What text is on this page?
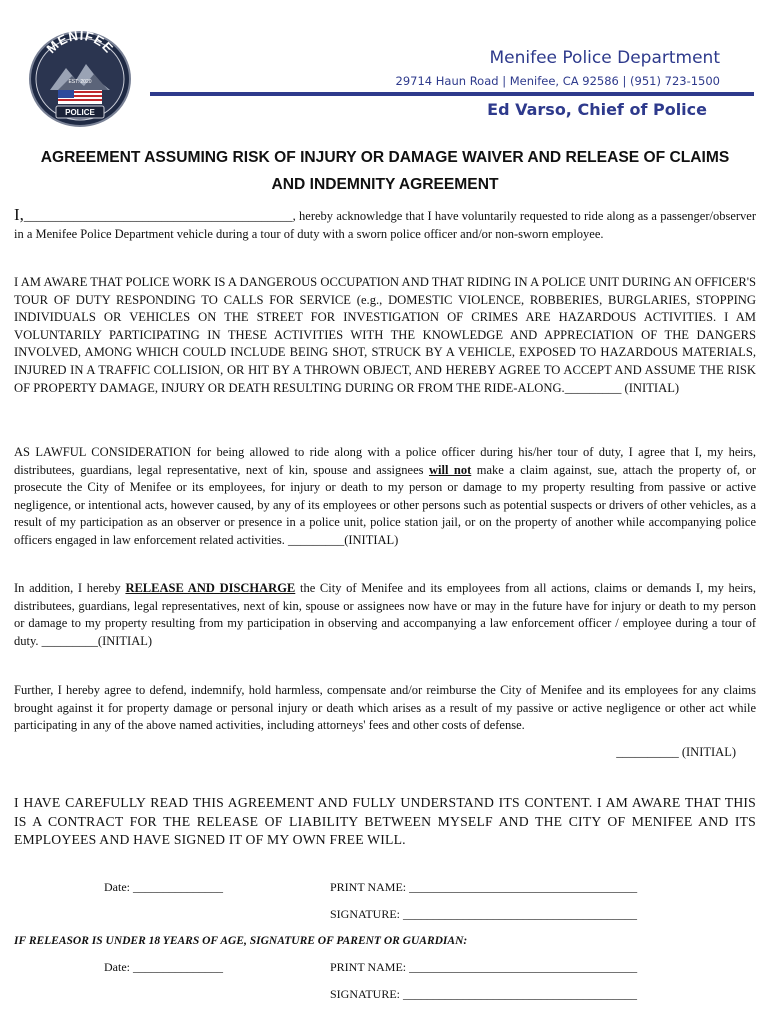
MENIFEE
EST. 2020
POLICE
Menifee Police Department
29714 Haun Road | Menifee, CA 92586 | (951) 723-1500
Ed Varso, Chief of Police
AGREEMENT ASSUMING RISK OF INJURY OR DAMAGE WAIVER AND RELEASE OF CLAIMS
AND INDEMNITY AGREEMENT

I,___________________________________________, hereby acknowledge that I have voluntarily requested to ride along as a passenger/observer in a Menifee Police Department vehicle during a tour of duty with a sworn police officer and/or non-sworn employee.

I AM AWARE THAT POLICE WORK IS A DANGEROUS OCCUPATION AND THAT RIDING IN A POLICE UNIT DURING AN OFFICER'S TOUR OF DUTY RESPONDING TO CALLS FOR SERVICE (e.g., DOMESTIC VIOLENCE, ROBBERIES, BURGLARIES, STOPPING INDIVIDUALS OR VEHICLES ON THE STREET FOR INVESTIGATION OF CRIMES ARE HAZARDOUS ACTIVITIES. I AM VOLUNTARILY PARTICIPATING IN THESE ACTIVITIES WITH THE KNOWLEDGE AND APPRECIATION OF THE DANGERS INVOLVED, AMONG WHICH COULD INCLUDE BEING SHOT, STRUCK BY A VEHICLE, EXPOSED TO HAZARDOUS MATERIALS, INJURED IN A TRAFFIC COLLISION, OR HIT BY A THROWN OBJECT, AND HEREBY AGREE TO ACCEPT AND ASSUME THE RISK OF PROPERTY DAMAGE, INJURY OR DEATH RESULTING DURING OR FROM THE RIDE-ALONG._________ (INITIAL)

AS LAWFUL CONSIDERATION for being allowed to ride along with a police officer during his/her tour of duty, I agree that I, my heirs, distributees, guardians, legal representative, next of kin, spouse and assignees will not make a claim against, sue, attach the property of, or prosecute the City of Menifee or its employees, for injury or death to my person or damage to my property resulting from passive or active negligence, or intentional acts, however caused, by any of its employees or other persons such as potential suspects or drivers of other vehicles, as a result of my participation as an observer or presence in a police unit, police station jail, or on the property of another while accompanying police officers engaged in law enforcement related activities. _________(INITIAL)

In addition, I hereby RELEASE AND DISCHARGE the City of Menifee and its employees from all actions, claims or demands I, my heirs, distributees, guardians, legal representatives, next of kin, spouse or assignees now have or may in the future have for injury or death to my person or damage to my property resulting from my participation in observing and accompanying a law enforcement officer / employee during a tour of duty. _________(INITIAL)

Further, I hereby agree to defend, indemnify, hold harmless, compensate and/or reimburse the City of Menifee and its employees for any claims brought against it for property damage or personal injury or death which arises as a result of my passive or active negligence or other act while participating in any of the above named activities, including attorneys' fees and other costs of defense.

__________ (INITIAL)

I HAVE CAREFULLY READ THIS AGREEMENT AND FULLY UNDERSTAND ITS CONTENT. I AM AWARE THAT THIS IS A CONTRACT FOR THE RELEASE OF LIABILITY BETWEEN MYSELF AND THE CITY OF MENIFEE AND ITS EMPLOYEES AND HAVE SIGNED IT OF MY OWN FREE WILL.

Date: _______________	PRINT NAME: ______________________________________
SIGNATURE: _______________________________________
IF RELEASOR IS UNDER 18 YEARS OF AGE, SIGNATURE OF PARENT OR GUARDIAN:
Date: _______________	PRINT NAME: ______________________________________
SIGNATURE: _______________________________________
